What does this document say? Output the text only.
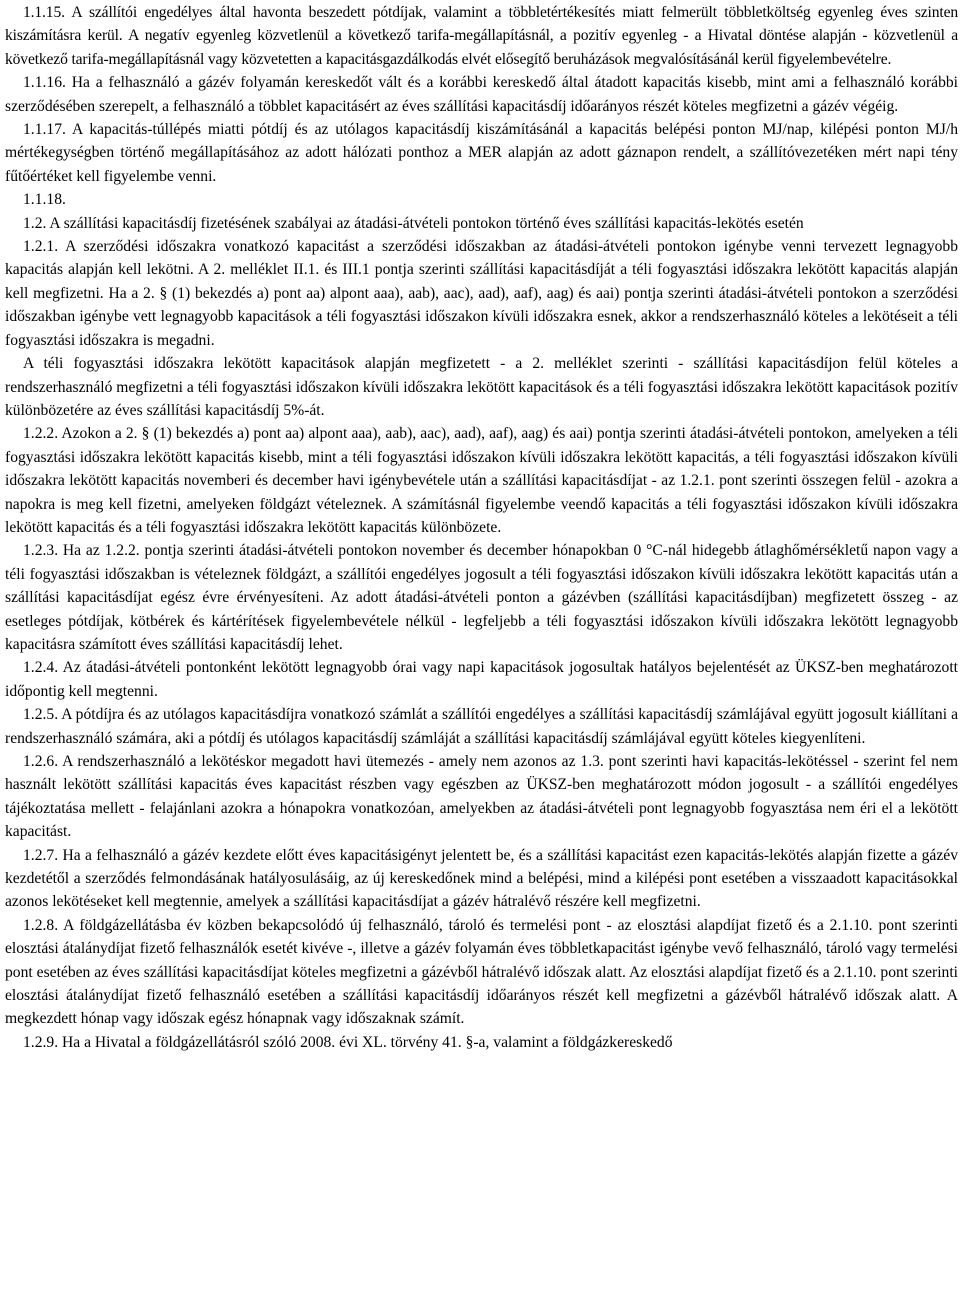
1.1.15. A szállítói engedélyes által havonta beszedett pótdíjak, valamint a többletértékesítés miatt felmerült többletköltség egyenleg éves szinten kiszámításra kerül. A negatív egyenleg közvetlenül a következő tarifa-megállapításnál, a pozitív egyenleg - a Hivatal döntése alapján - közvetlenül a következő tarifa-megállapításnál vagy közvetetten a kapacitásgazdálkodás elvét elősegítő beruházások megvalósításánál kerül figyelembevételre.

1.1.16. Ha a felhasználó a gázév folyamán kereskedőt vált és a korábbi kereskedő által átadott kapacitás kisebb, mint ami a felhasználó korábbi szerződésében szerepelt, a felhasználó a többlet kapacitásért az éves szállítási kapacitásdíj időarányos részét köteles megfizetni a gázév végéig.

1.1.17. A kapacitás-túllépés miatti pótdíj és az utólagos kapacitásdíj kiszámításánál a kapacitás belépési ponton MJ/nap, kilépési ponton MJ/h mértékegységben történő megállapításához az adott hálózati ponthoz a MER alapján az adott gáznapon rendelt, a szállítóvezetéken mért napi tény fűtőértéket kell figyelembe venni.

1.1.18.

1.2. A szállítási kapacitásdíj fizetésének szabályai az átadási-átvételi pontokon történő éves szállítási kapacitás-lekötés esetén

1.2.1. A szerződési időszakra vonatkozó kapacitást a szerződési időszakban az átadási-átvételi pontokon igénybe venni tervezett legnagyobb kapacitás alapján kell lekötni. A 2. melléklet II.1. és III.1 pontja szerinti szállítási kapacitásdíját a téli fogyasztási időszakra lekötött kapacitás alapján kell megfizetni. Ha a 2. § (1) bekezdés a) pont aa) alpont aaa), aab), aac), aad), aaf), aag) és aai) pontja szerinti átadási-átvételi pontokon a szerződési időszakban igénybe vett legnagyobb kapacitások a téli fogyasztási időszakon kívüli időszakra esnek, akkor a rendszerhasználó köteles a lekötéseit a téli fogyasztási időszakra is megadni.

A téli fogyasztási időszakra lekötött kapacitások alapján megfizetett - a 2. melléklet szerinti - szállítási kapacitásdíjon felül köteles a rendszerhasználó megfizetni a téli fogyasztási időszakon kívüli időszakra lekötött kapacitások és a téli fogyasztási időszakra lekötött kapacitások pozitív különbözetére az éves szállítási kapacitásdíj 5%-át.

1.2.2. Azokon a 2. § (1) bekezdés a) pont aa) alpont aaa), aab), aac), aad), aaf), aag) és aai) pontja szerinti átadási-átvételi pontokon, amelyeken a téli fogyasztási időszakra lekötött kapacitás kisebb, mint a téli fogyasztási időszakon kívüli időszakra lekötött kapacitás, a téli fogyasztási időszakon kívüli időszakra lekötött kapacitás novemberi és december havi igénybevétele után a szállítási kapacitásdíjat - az 1.2.1. pont szerinti összegen felül - azokra a napokra is meg kell fizetni, amelyeken földgázt vételeznek. A számításnál figyelembe veendő kapacitás a téli fogyasztási időszakon kívüli időszakra lekötött kapacitás és a téli fogyasztási időszakra lekötött kapacitás különbözete.

1.2.3. Ha az 1.2.2. pontja szerinti átadási-átvételi pontokon november és december hónapokban 0 °C-nál hidegebb átlaghőmérsékletű napon vagy a téli fogyasztási időszakban is vételeznek földgázt, a szállítói engedélyes jogosult a téli fogyasztási időszakon kívüli időszakra lekötött kapacitás után a szállítási kapacitásdíjat egész évre érvényesíteni. Az adott átadási-átvételi ponton a gázévben (szállítási kapacitásdíjban) megfizetett összeg - az esetleges pótdíjak, kötbérek és kártérítések figyelembevétele nélkül - legfeljebb a téli fogyasztási időszakon kívüli időszakra lekötött legnagyobb kapacitásra számított éves szállítási kapacitásdíj lehet.

1.2.4. Az átadási-átvételi pontonként lekötött legnagyobb órai vagy napi kapacitások jogosultak hatályos bejelentését az ÜKSZ-ben meghatározott időpontig kell megtenni.

1.2.5. A pótdíjra és az utólagos kapacitásdíjra vonatkozó számlát a szállítói engedélyes a szállítási kapacitásdíj számlájával együtt jogosult kiállítani a rendszerhasználó számára, aki a pótdíj és utólagos kapacitásdíj számláját a szállítási kapacitásdíj számlájával együtt köteles kiegyenlíteni.

1.2.6. A rendszerhasználó a lekötéskor megadott havi ütemezés - amely nem azonos az 1.3. pont szerinti havi kapacitás-lekötéssel - szerint fel nem használt lekötött szállítási kapacitás éves kapacitást részben vagy egészben az ÜKSZ-ben meghatározott módon jogosult - a szállítói engedélyes tájékoztatása mellett - felajánlani azokra a hónapokra vonatkozóan, amelyekben az átadási-átvételi pont legnagyobb fogyasztása nem éri el a lekötött kapacitást.

1.2.7. Ha a felhasználó a gázév kezdete előtt éves kapacitásigényt jelentett be, és a szállítási kapacitást ezen kapacitás-lekötés alapján fizette a gázév kezdetétől a szerződés felmondásának hatályosulásáig, az új kereskedőnek mind a belépési, mind a kilépési pont esetében a visszaadott kapacitásokkal azonos lekötéseket kell megtennie, amelyek a szállítási kapacitásdíjat a gázév hátralévő részére kell megfizetni.

1.2.8. A földgázellátásba év közben bekapcsolódó új felhasználó, tároló és termelési pont - az elosztási alapdíjat fizető és a 2.1.10. pont szerinti elosztási átalánydíjat fizető felhasználók esetét kivéve -, illetve a gázév folyamán éves többletkapacitást igénybe vevő felhasználó, tároló vagy termelési pont esetében az éves szállítási kapacitásdíjat köteles megfizetni a gázévből hátralévő időszak alatt. Az elosztási alapdíjat fizető és a 2.1.10. pont szerinti elosztási átalánydíjat fizető felhasználó esetében a szállítási kapacitásdíj időarányos részét kell megfizetni a gázévből hátralévő időszak alatt. A megkezdett hónap vagy időszak egész hónapnak vagy időszaknak számít.

1.2.9. Ha a Hivatal a földgázellátásról szóló 2008. évi XL. törvény 41. §-a, valamint a földgázkereskedő
